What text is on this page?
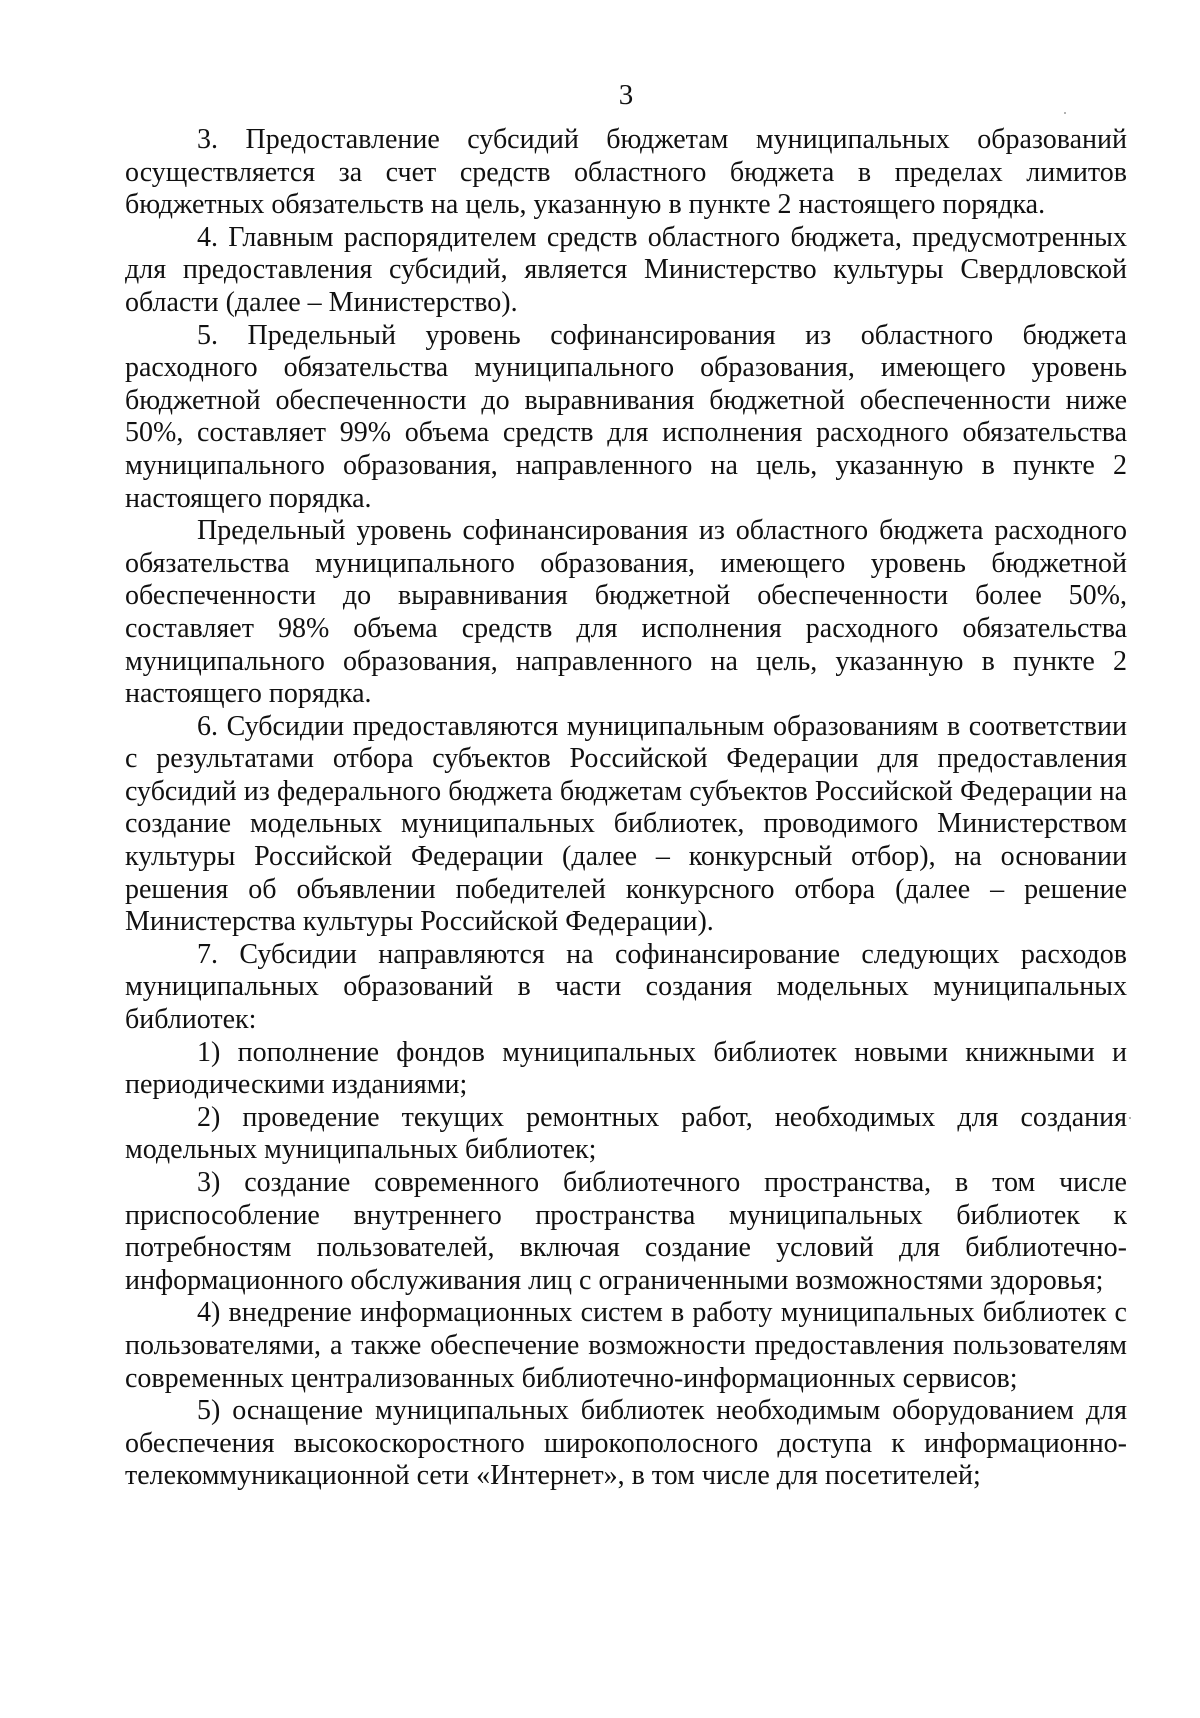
3

3. Предоставление субсидий бюджетам муниципальных образований осуществляется за счет средств областного бюджета в пределах лимитов бюджетных обязательств на цель, указанную в пункте 2 настоящего порядка.

4. Главным распорядителем средств областного бюджета, предусмотренных для предоставления субсидий, является Министерство культуры Свердловской области (далее – Министерство).

5. Предельный уровень софинансирования из областного бюджета расходного обязательства муниципального образования, имеющего уровень бюджетной обеспеченности до выравнивания бюджетной обеспеченности ниже 50%, составляет 99% объема средств для исполнения расходного обязательства муниципального образования, направленного на цель, указанную в пункте 2 настоящего порядка.

Предельный уровень софинансирования из областного бюджета расходного обязательства муниципального образования, имеющего уровень бюджетной обеспеченности до выравнивания бюджетной обеспеченности более 50%, составляет 98% объема средств для исполнения расходного обязательства муниципального образования, направленного на цель, указанную в пункте 2 настоящего порядка.

6. Субсидии предоставляются муниципальным образованиям в соответствии с результатами отбора субъектов Российской Федерации для предоставления субсидий из федерального бюджета бюджетам субъектов Российской Федерации на создание модельных муниципальных библиотек, проводимого Министерством культуры Российской Федерации (далее – конкурсный отбор), на основании решения об объявлении победителей конкурсного отбора (далее – решение Министерства культуры Российской Федерации).

7. Субсидии направляются на софинансирование следующих расходов муниципальных образований в части создания модельных муниципальных библиотек:

1) пополнение фондов муниципальных библиотек новыми книжными и периодическими изданиями;

2) проведение текущих ремонтных работ, необходимых для создания модельных муниципальных библиотек;

3) создание современного библиотечного пространства, в том числе приспособление внутреннего пространства муниципальных библиотек к потребностям пользователей, включая создание условий для библиотечно-информационного обслуживания лиц с ограниченными возможностями здоровья;

4) внедрение информационных систем в работу муниципальных библиотек с пользователями, а также обеспечение возможности предоставления пользователям современных централизованных библиотечно-информационных сервисов;

5) оснащение муниципальных библиотек необходимым оборудованием для обеспечения высокоскоростного широкополосного доступа к информационно-телекоммуникационной сети «Интернет», в том числе для посетителей;
